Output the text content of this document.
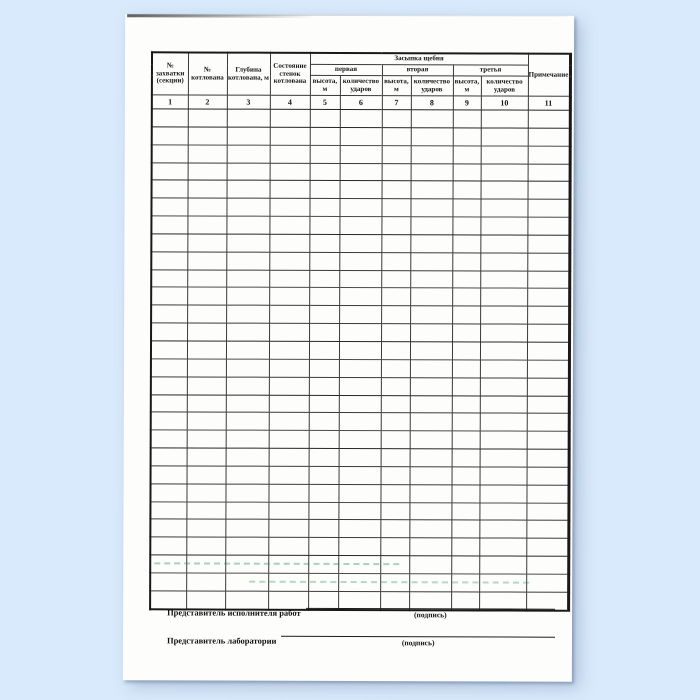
№ захватки (секции)	№ котлована	Глубина котлована, м	Состояние стенок котлована	Засыпка щебня						Примечание
				первая		вторая		третья		
				высота, м	количество ударов	высота, м	количество ударов	высота, м	количество ударов	
1	2	3	4	5	6	7	8	9	10	11

Представитель исполнителя работ	(подпись)
Представитель лаборатории	(подпись)
